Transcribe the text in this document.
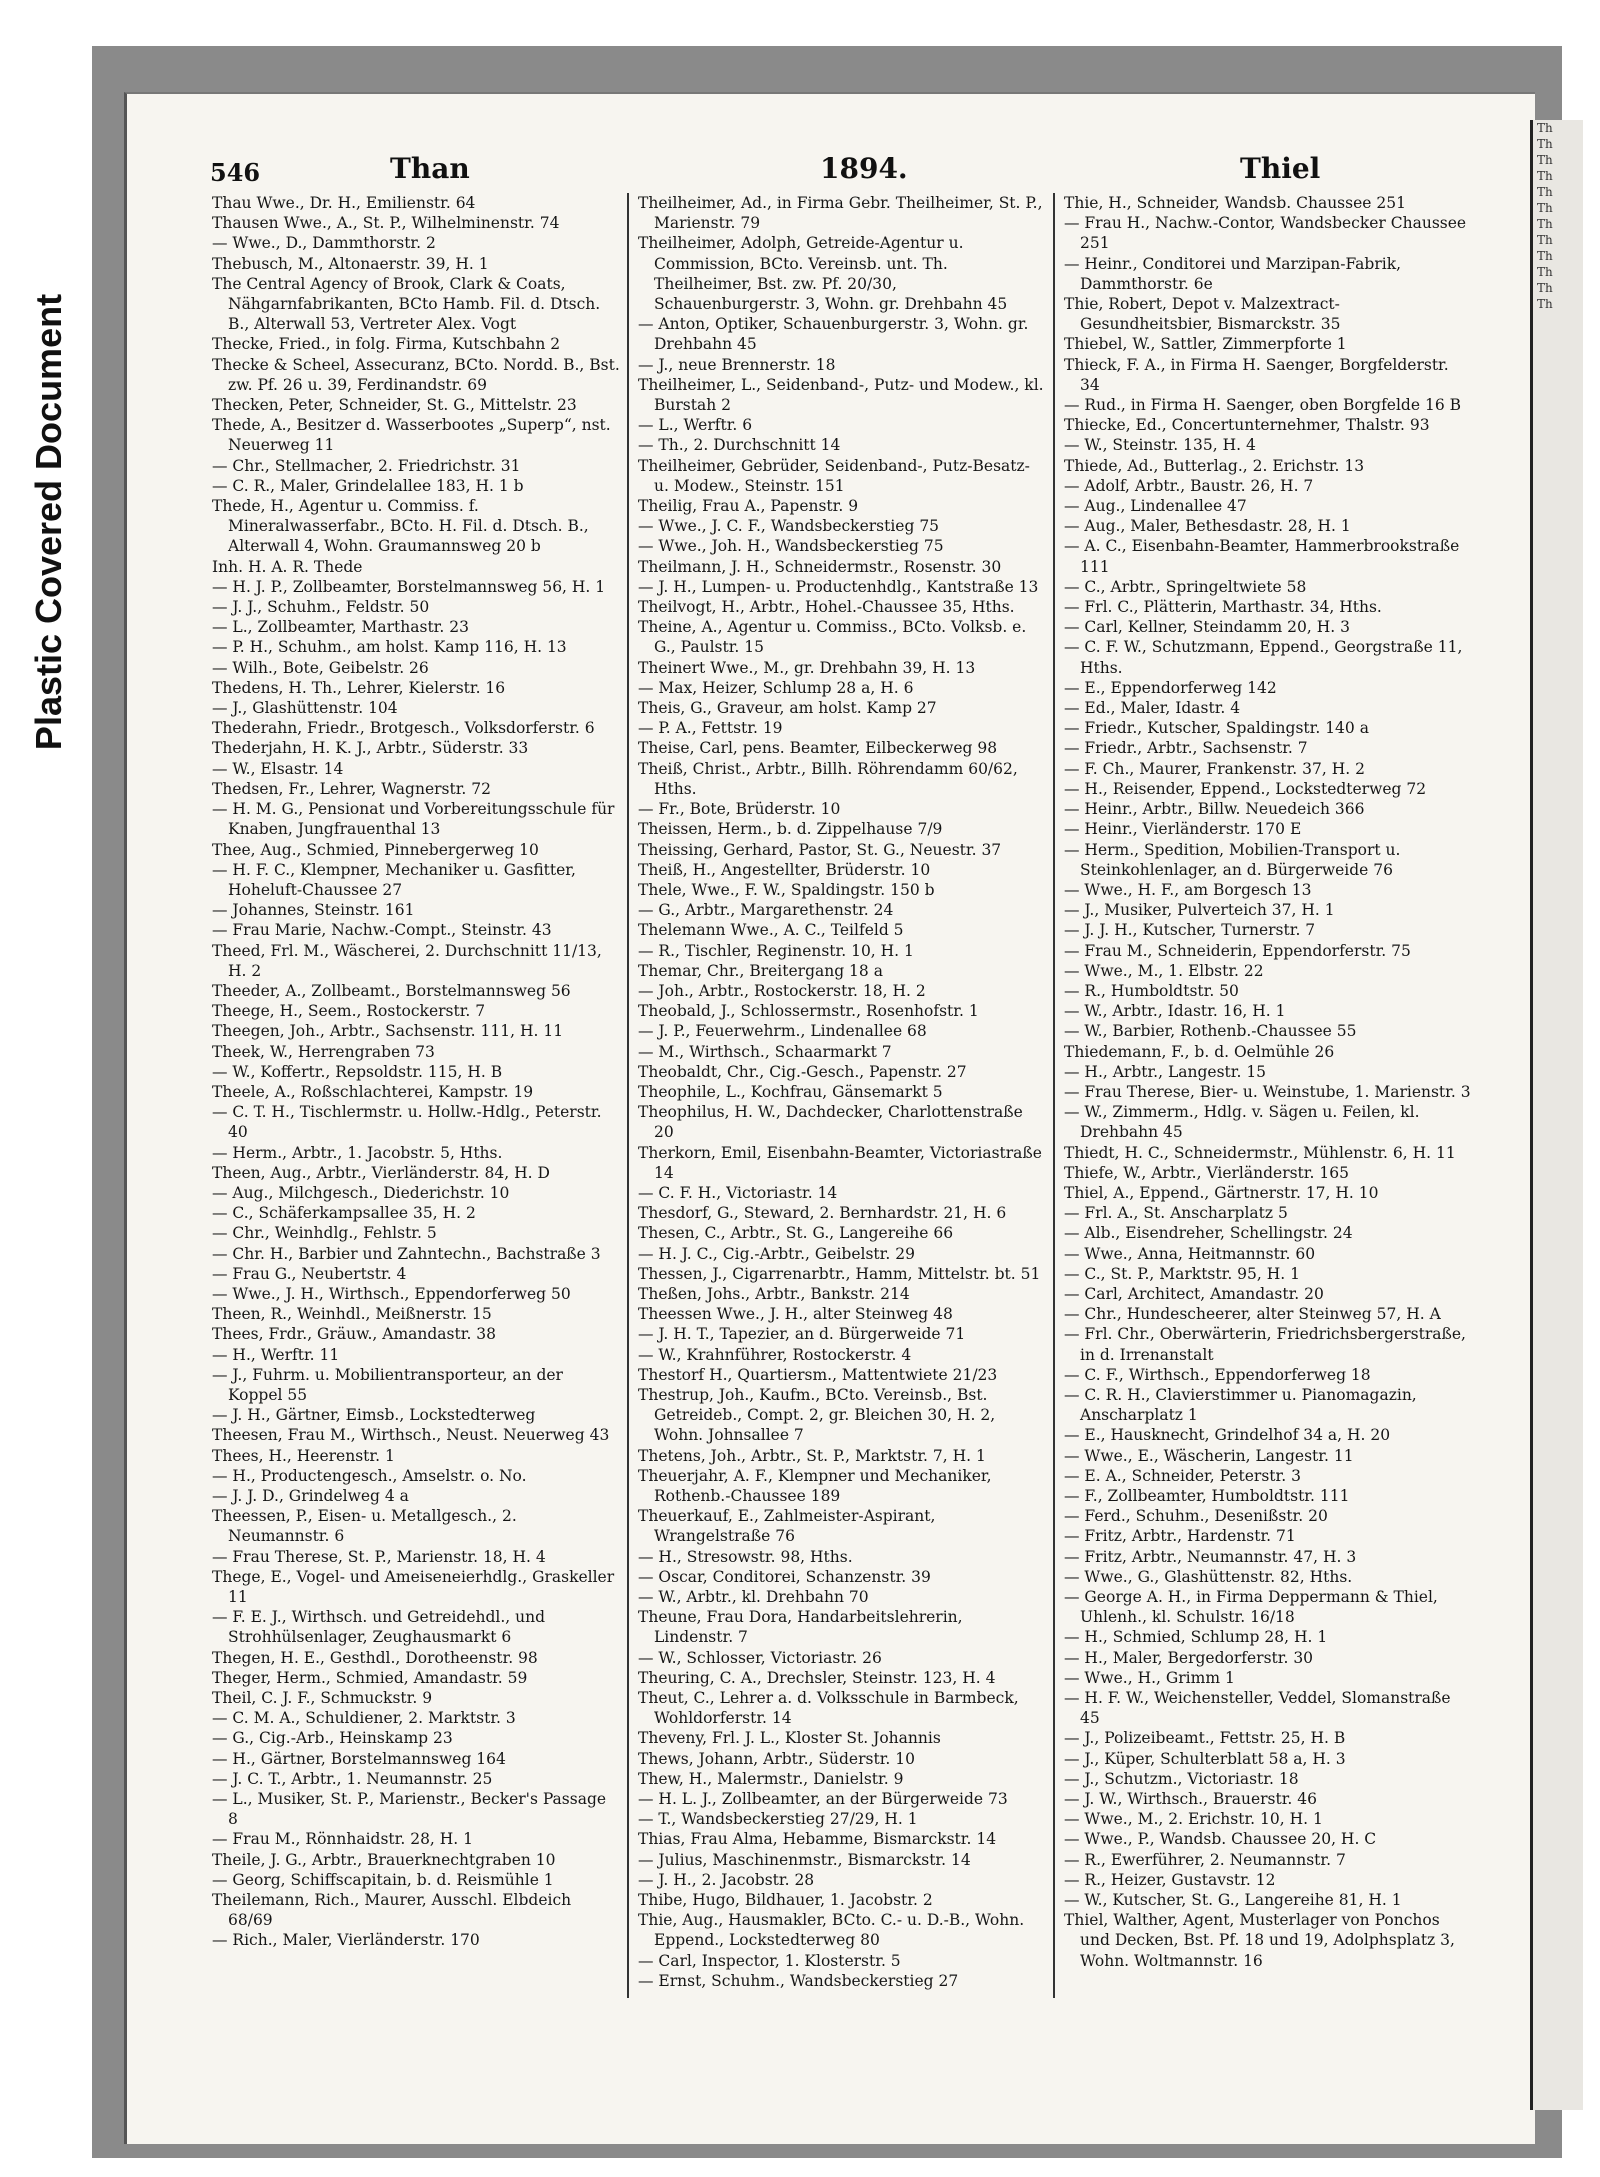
Plastic Covered Document
Th
Th
Th
Th
Th
Th
Th
Th
Th
Th
Th
Th
546	Than	1894.	Thiel
Thau Wwe., Dr. H., Emilienstr. 64
Thausen Wwe., A., St. P., Wilhelminenstr. 74
— Wwe., D., Dammthorstr. 2
Thebusch, M., Altonaerstr. 39, H. 1
The Central Agency of Brook, Clark & Coats, Nähgarnfabrikanten, BCto Hamb. Fil. d. Dtsch. B., Alterwall 53, Vertreter Alex. Vogt
Thecke, Fried., in folg. Firma, Kutschbahn 2
Thecke & Scheel, Assecuranz, BCto. Nordd. B., Bst. zw. Pf. 26 u. 39, Ferdinandstr. 69
Thecken, Peter, Schneider, St. G., Mittelstr. 23
Thede, A., Besitzer d. Wasserbootes „Superp“, nst. Neuerweg 11
— Chr., Stellmacher, 2. Friedrichstr. 31
— C. R., Maler, Grindelallee 183, H. 1 b
Thede, H., Agentur u. Commiss. f. Mineralwasserfabr., BCto. H. Fil. d. Dtsch. B., Alterwall 4, Wohn. Graumannsweg 20 b
Inh. H. A. R. Thede
— H. J. P., Zollbeamter, Borstelmannsweg 56, H. 1
— J. J., Schuhm., Feldstr. 50
— L., Zollbeamter, Marthastr. 23
— P. H., Schuhm., am holst. Kamp 116, H. 13
— Wilh., Bote, Geibelstr. 26
Thedens, H. Th., Lehrer, Kielerstr. 16
— J., Glashüttenstr. 104
Thederahn, Friedr., Brotgesch., Volksdorferstr. 6
Thederjahn, H. K. J., Arbtr., Süderstr. 33
— W., Elsastr. 14
Thedsen, Fr., Lehrer, Wagnerstr. 72
— H. M. G., Pensionat und Vorbereitungsschule für Knaben, Jungfrauenthal 13
Thee, Aug., Schmied, Pinnebergerweg 10
— H. F. C., Klempner, Mechaniker u. Gasfitter, Hoheluft-Chaussee 27
— Johannes, Steinstr. 161
— Frau Marie, Nachw.-Compt., Steinstr. 43
Theed, Frl. M., Wäscherei, 2. Durchschnitt 11/13, H. 2
Theeder, A., Zollbeamt., Borstelmannsweg 56
Theege, H., Seem., Rostockerstr. 7
Theegen, Joh., Arbtr., Sachsenstr. 111, H. 11
Theek, W., Herrengraben 73
— W., Koffertr., Repsoldstr. 115, H. B
Theele, A., Roßschlachterei, Kampstr. 19
— C. T. H., Tischlermstr. u. Hollw.-Hdlg., Peterstr. 40
— Herm., Arbtr., 1. Jacobstr. 5, Hths.
Theen, Aug., Arbtr., Vierländerstr. 84, H. D
— Aug., Milchgesch., Diederichstr. 10
— C., Schäferkampsallee 35, H. 2
— Chr., Weinhdlg., Fehlstr. 5
— Chr. H., Barbier und Zahntechn., Bachstraße 3
— Frau G., Neubertstr. 4
— Wwe., J. H., Wirthsch., Eppendorferweg 50
Theen, R., Weinhdl., Meißnerstr. 15
Thees, Frdr., Gräuw., Amandastr. 38
— H., Werftr. 11
— J., Fuhrm. u. Mobilientransporteur, an der Koppel 55
— J. H., Gärtner, Eimsb., Lockstedterweg
Theesen, Frau M., Wirthsch., Neust. Neuerweg 43
Thees, H., Heerenstr. 1
— H., Productengesch., Amselstr. o. No.
— J. J. D., Grindelweg 4 a
Theessen, P., Eisen- u. Metallgesch., 2. Neumannstr. 6
— Frau Therese, St. P., Marienstr. 18, H. 4
Thege, E., Vogel- und Ameiseneierhdlg., Graskeller 11
— F. E. J., Wirthsch. und Getreidehdl., und Strohhülsenlager, Zeughausmarkt 6
Thegen, H. E., Gesthdl., Dorotheenstr. 98
Theger, Herm., Schmied, Amandastr. 59
Theil, C. J. F., Schmuckstr. 9
— C. M. A., Schuldiener, 2. Marktstr. 3
— G., Cig.-Arb., Heinskamp 23
— H., Gärtner, Borstelmannsweg 164
— J. C. T., Arbtr., 1. Neumannstr. 25
— L., Musiker, St. P., Marienstr., Becker's Passage 8
— Frau M., Rönnhaidstr. 28, H. 1
Theile, J. G., Arbtr., Brauerknechtgraben 10
— Georg, Schiffscapitain, b. d. Reismühle 1
Theilemann, Rich., Maurer, Ausschl. Elbdeich 68/69
— Rich., Maler, Vierländerstr. 170
Theilheimer, Ad., in Firma Gebr. Theilheimer, St. P., Marienstr. 79
Theilheimer, Adolph, Getreide-Agentur u. Commission, BCto. Vereinsb. unt. Th. Theilheimer, Bst. zw. Pf. 20/30, Schauenburgerstr. 3, Wohn. gr. Drehbahn 45
— Anton, Optiker, Schauenburgerstr. 3, Wohn. gr. Drehbahn 45
— J., neue Brennerstr. 18
Theilheimer, L., Seidenband-, Putz- und Modew., kl. Burstah 2
— L., Werftr. 6
— Th., 2. Durchschnitt 14
Theilheimer, Gebrüder, Seidenband-, Putz-Besatz- u. Modew., Steinstr. 151
Theilig, Frau A., Papenstr. 9
— Wwe., J. C. F., Wandsbeckerstieg 75
— Wwe., Joh. H., Wandsbeckerstieg 75
Theilmann, J. H., Schneidermstr., Rosenstr. 30
— J. H., Lumpen- u. Productenhdlg., Kantstraße 13
Theilvogt, H., Arbtr., Hohel.-Chaussee 35, Hths.
Theine, A., Agentur u. Commiss., BCto. Volksb. e. G., Paulstr. 15
Theinert Wwe., M., gr. Drehbahn 39, H. 13
— Max, Heizer, Schlump 28 a, H. 6
Theis, G., Graveur, am holst. Kamp 27
— P. A., Fettstr. 19
Theise, Carl, pens. Beamter, Eilbeckerweg 98
Theiß, Christ., Arbtr., Billh. Röhrendamm 60/62, Hths.
— Fr., Bote, Brüderstr. 10
Theissen, Herm., b. d. Zippelhause 7/9
Theissing, Gerhard, Pastor, St. G., Neuestr. 37
Theiß, H., Angestellter, Brüderstr. 10
Thele, Wwe., F. W., Spaldingstr. 150 b
— G., Arbtr., Margarethenstr. 24
Thelemann Wwe., A. C., Teilfeld 5
— R., Tischler, Reginenstr. 10, H. 1
Themar, Chr., Breitergang 18 a
— Joh., Arbtr., Rostockerstr. 18, H. 2
Theobald, J., Schlossermstr., Rosenhofstr. 1
— J. P., Feuerwehrm., Lindenallee 68
— M., Wirthsch., Schaarmarkt 7
Theobaldt, Chr., Cig.-Gesch., Papenstr. 27
Theophile, L., Kochfrau, Gänsemarkt 5
Theophilus, H. W., Dachdecker, Charlottenstraße 20
Therkorn, Emil, Eisenbahn-Beamter, Victoriastraße 14
— C. F. H., Victoriastr. 14
Thesdorf, G., Steward, 2. Bernhardstr. 21, H. 6
Thesen, C., Arbtr., St. G., Langereihe 66
— H. J. C., Cig.-Arbtr., Geibelstr. 29
Thessen, J., Cigarrenarbtr., Hamm, Mittelstr. bt. 51
Theßen, Johs., Arbtr., Bankstr. 214
Theessen Wwe., J. H., alter Steinweg 48
— J. H. T., Tapezier, an d. Bürgerweide 71
— W., Krahnführer, Rostockerstr. 4
Thestorf H., Quartiersm., Mattentwiete 21/23
Thestrup, Joh., Kaufm., BCto. Vereinsb., Bst. Getreideb., Compt. 2, gr. Bleichen 30, H. 2, Wohn. Johnsallee 7
Thetens, Joh., Arbtr., St. P., Marktstr. 7, H. 1
Theuerjahr, A. F., Klempner und Mechaniker, Rothenb.-Chaussee 189
Theuerkauf, E., Zahlmeister-Aspirant, Wrangelstraße 76
— H., Stresowstr. 98, Hths.
— Oscar, Conditorei, Schanzenstr. 39
— W., Arbtr., kl. Drehbahn 70
Theune, Frau Dora, Handarbeitslehrerin, Lindenstr. 7
— W., Schlosser, Victoriastr. 26
Theuring, C. A., Drechsler, Steinstr. 123, H. 4
Theut, C., Lehrer a. d. Volksschule in Barmbeck, Wohldorferstr. 14
Theveny, Frl. J. L., Kloster St. Johannis
Thews, Johann, Arbtr., Süderstr. 10
Thew, H., Malermstr., Danielstr. 9
— H. L. J., Zollbeamter, an der Bürgerweide 73
— T., Wandsbeckerstieg 27/29, H. 1
Thias, Frau Alma, Hebamme, Bismarckstr. 14
— Julius, Maschinenmstr., Bismarckstr. 14
— J. H., 2. Jacobstr. 28
Thibe, Hugo, Bildhauer, 1. Jacobstr. 2
Thie, Aug., Hausmakler, BCto. C.- u. D.-B., Wohn. Eppend., Lockstedterweg 80
— Carl, Inspector, 1. Klosterstr. 5
— Ernst, Schuhm., Wandsbeckerstieg 27
Thie, H., Schneider, Wandsb. Chaussee 251
— Frau H., Nachw.-Contor, Wandsbecker Chaussee 251
— Heinr., Conditorei und Marzipan-Fabrik, Dammthorstr. 6e
Thie, Robert, Depot v. Malzextract-Gesundheitsbier, Bismarckstr. 35
Thiebel, W., Sattler, Zimmerpforte 1
Thieck, F. A., in Firma H. Saenger, Borgfelderstr. 34
— Rud., in Firma H. Saenger, oben Borgfelde 16 B
Thiecke, Ed., Concertunternehmer, Thalstr. 93
— W., Steinstr. 135, H. 4
Thiede, Ad., Butterlag., 2. Erichstr. 13
— Adolf, Arbtr., Baustr. 26, H. 7
— Aug., Lindenallee 47
— Aug., Maler, Bethesdastr. 28, H. 1
— A. C., Eisenbahn-Beamter, Hammerbrookstraße 111
— C., Arbtr., Springeltwiete 58
— Frl. C., Plätterin, Marthastr. 34, Hths.
— Carl, Kellner, Steindamm 20, H. 3
— C. F. W., Schutzmann, Eppend., Georgstraße 11, Hths.
— E., Eppendorferweg 142
— Ed., Maler, Idastr. 4
— Friedr., Kutscher, Spaldingstr. 140 a
— Friedr., Arbtr., Sachsenstr. 7
— F. Ch., Maurer, Frankenstr. 37, H. 2
— H., Reisender, Eppend., Lockstedterweg 72
— Heinr., Arbtr., Billw. Neuedeich 366
— Heinr., Vierländerstr. 170 E
— Herm., Spedition, Mobilien-Transport u. Steinkohlenlager, an d. Bürgerweide 76
— Wwe., H. F., am Borgesch 13
— J., Musiker, Pulverteich 37, H. 1
— J. J. H., Kutscher, Turnerstr. 7
— Frau M., Schneiderin, Eppendorferstr. 75
— Wwe., M., 1. Elbstr. 22
— R., Humboldtstr. 50
— W., Arbtr., Idastr. 16, H. 1
— W., Barbier, Rothenb.-Chaussee 55
Thiedemann, F., b. d. Oelmühle 26
— H., Arbtr., Langestr. 15
— Frau Therese, Bier- u. Weinstube, 1. Marienstr. 3
— W., Zimmerm., Hdlg. v. Sägen u. Feilen, kl. Drehbahn 45
Thiedt, H. C., Schneidermstr., Mühlenstr. 6, H. 11
Thiefe, W., Arbtr., Vierländerstr. 165
Thiel, A., Eppend., Gärtnerstr. 17, H. 10
— Frl. A., St. Anscharplatz 5
— Alb., Eisendreher, Schellingstr. 24
— Wwe., Anna, Heitmannstr. 60
— C., St. P., Marktstr. 95, H. 1
— Carl, Architect, Amandastr. 20
— Chr., Hundescheerer, alter Steinweg 57, H. A
— Frl. Chr., Oberwärterin, Friedrichsbergerstraße, in d. Irrenanstalt
— C. F., Wirthsch., Eppendorferweg 18
— C. R. H., Clavierstimmer u. Pianomagazin, Anscharplatz 1
— E., Hausknecht, Grindelhof 34 a, H. 20
— Wwe., E., Wäscherin, Langestr. 11
— E. A., Schneider, Peterstr. 3
— F., Zollbeamter, Humboldtstr. 111
— Ferd., Schuhm., Desenißstr. 20
— Fritz, Arbtr., Hardenstr. 71
— Fritz, Arbtr., Neumannstr. 47, H. 3
— Wwe., G., Glashüttenstr. 82, Hths.
— George A. H., in Firma Deppermann & Thiel, Uhlenh., kl. Schulstr. 16/18
— H., Schmied, Schlump 28, H. 1
— H., Maler, Bergedorferstr. 30
— Wwe., H., Grimm 1
— H. F. W., Weichensteller, Veddel, Slomanstraße 45
— J., Polizeibeamt., Fettstr. 25, H. B
— J., Küper, Schulterblatt 58 a, H. 3
— J., Schutzm., Victoriastr. 18
— J. W., Wirthsch., Brauerstr. 46
— Wwe., M., 2. Erichstr. 10, H. 1
— Wwe., P., Wandsb. Chaussee 20, H. C
— R., Ewerführer, 2. Neumannstr. 7
— R., Heizer, Gustavstr. 12
— W., Kutscher, St. G., Langereihe 81, H. 1
Thiel, Walther, Agent, Musterlager von Ponchos und Decken, Bst. Pf. 18 und 19, Adolphsplatz 3, Wohn. Woltmannstr. 16
